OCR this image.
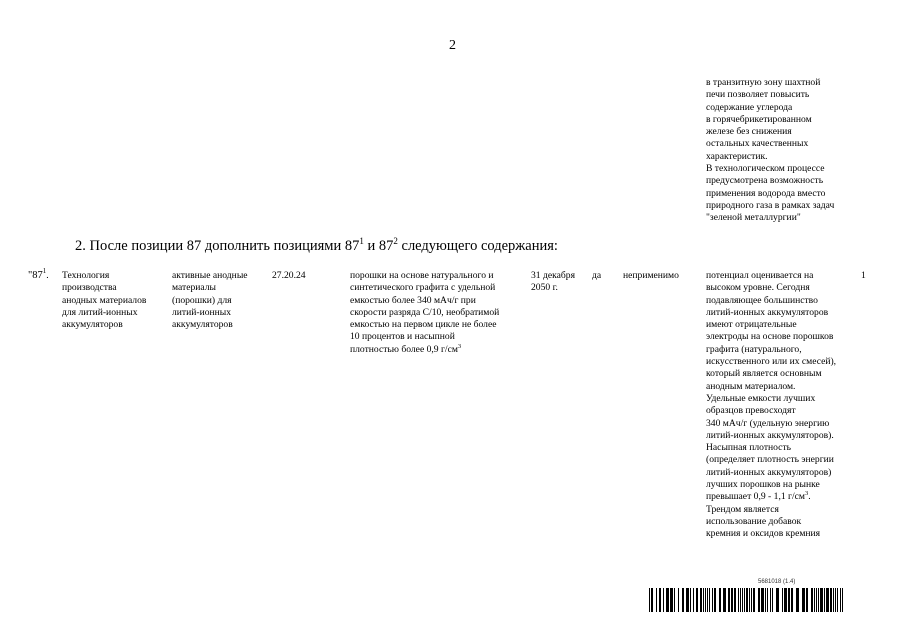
2
в транзитную зону шахтной
печи позволяет повысить
содержание углерода
в горячебрикетированном
железе без снижения
остальных качественных
характеристик.
В технологическом процессе
предусмотрена возможность
применения водорода вместо
природного газа в рамках задач
"зеленой металлургии"
2. После позиции 87 дополнить позициями $87^1$ и $87^2$ следующего содержания:
"$87^1$. Технология
производства
анодных материалов
для литий-ионных
аккумуляторов
активные анодные
материалы
(порошки) для
литий-ионных
аккумуляторов
27.20.24	порошки на основе натурального и
синтетического графита с удельной
емкостью более 340 мАч/г при
скорости разряда С/10, необратимой
емкостью на первом цикле не более
10 процентов и насыпной
плотностью более 0,9 $г/см^3$
31 декабря
2050 г.
да неприменимо	потенциал оценивается на
высоком уровне. Сегодня
подавляющее большинство
литий-ионных аккумуляторов
имеют отрицательные
электроды на основе порошков
графита (натурального,
искусственного или их смесей),
который является основным
анодным материалом.
Удельные емкости лучших
образцов превосходят
340 мАч/г (удельную энергию
литий-ионных аккумуляторов).
Насыпная плотность
(определяет плотность энергии
литий-ионных аккумуляторов)
лучших порошков на рынке
превышает 0,9 - 1,1 $г/см^3$.
Трендом является
использование добавок
кремния и оксидов кремния
1
5681018 (1.4)
